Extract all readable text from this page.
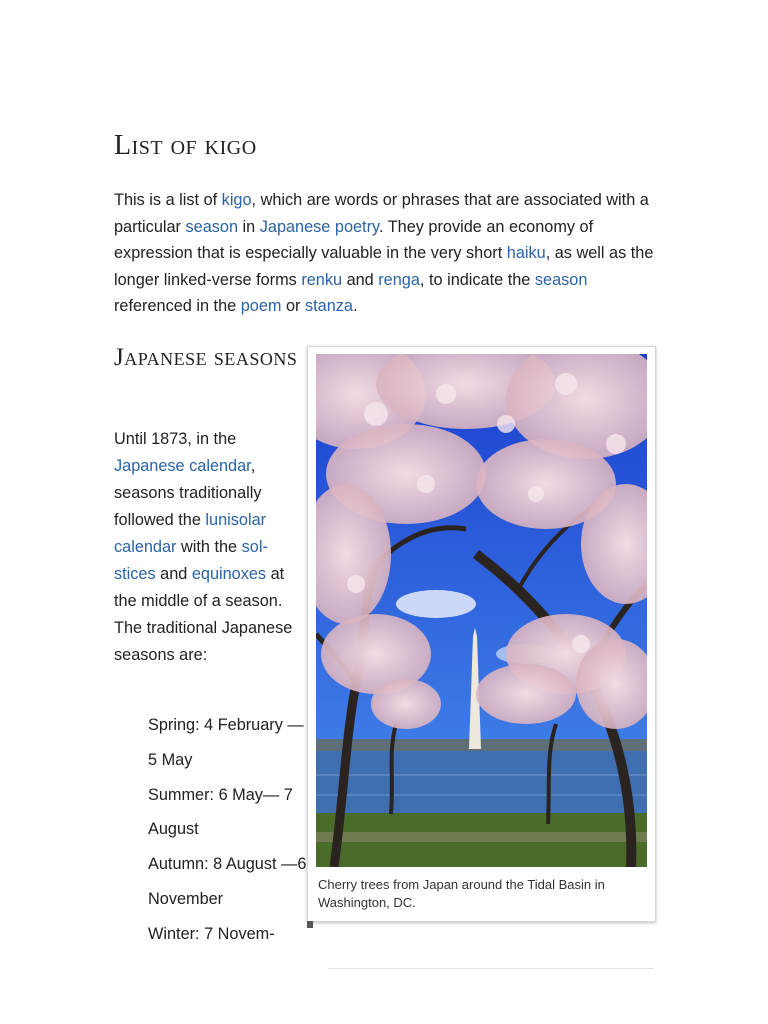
List of kigo

This is a list of kigo, which are words or phrases that are associated with a particular season in Japanese poetry. They provide an economy of expression that is especially valuable in the very short haiku, as well as the longer linked-verse forms renku and renga, to indicate the season referenced in the poem or stanza.

Japanese seasons

Until 1873, in the Japanese calendar, seasons traditionally followed the lunisolar calendar with the solstices and equinoxes at the middle of a season. The traditional Japanese seasons are:

Spring: 4 February —5 May
Summer: 6 May— 7 August
Autumn: 8 August —6 November
Winter: 7 Novem-
Cherry trees from Japan around the Tidal Basin in Washington, DC.
